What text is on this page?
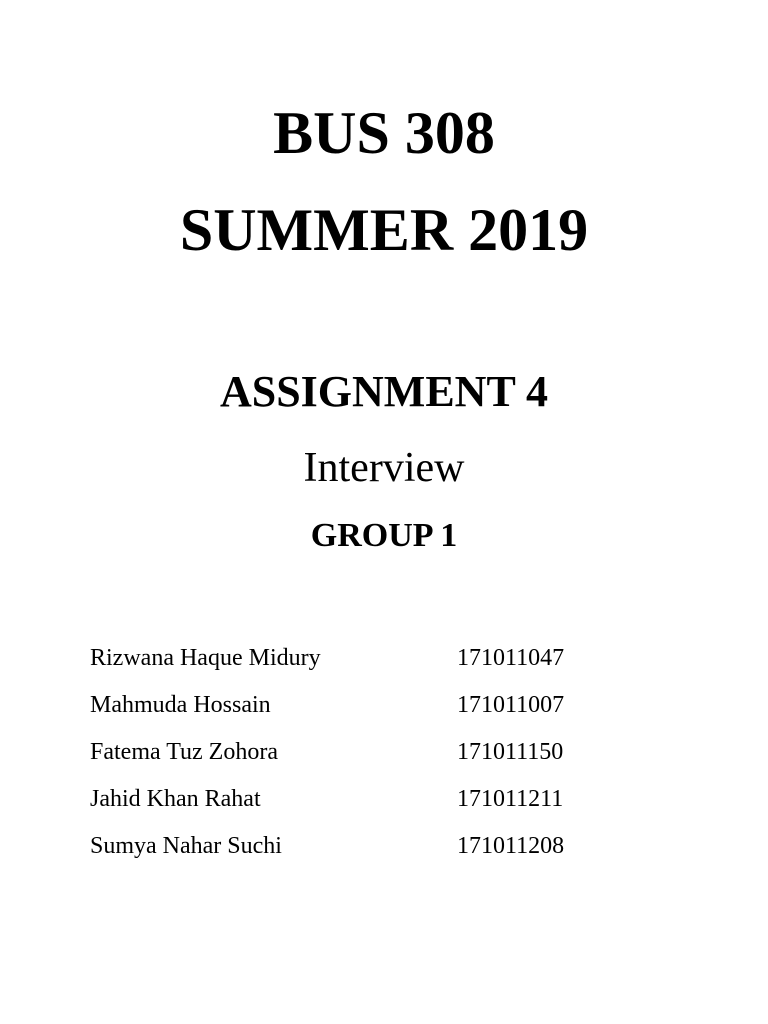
BUS 308
SUMMER 2019
ASSIGNMENT 4
Interview
GROUP 1
Rizwana Haque Midury	171011047
Mahmuda Hossain	171011007
Fatema Tuz Zohora	171011150
Jahid Khan Rahat	171011211
Sumya Nahar Suchi	171011208
